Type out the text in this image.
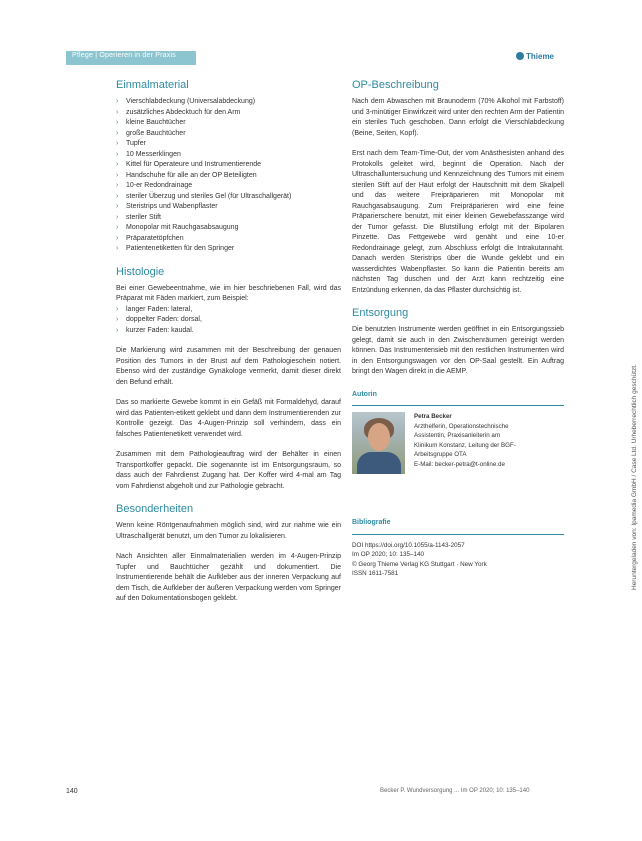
Pflege | Operieren in der Praxis	Thieme
Einmalmaterial
› Vierschlabdeckung (Universalabdeckung)
› zusätzliches Abdecktuch für den Arm
› kleine Bauchtücher
› große Bauchtücher
› Tupfer
› 10 Messerklingen
› Kittel für Operateure und Instrumentierende
› Handschuhe für alle an der OP Beteiligten
› 10-er Redondrainage
› steriler Überzug und steriles Gel (für Ultraschallgerät)
› Steristrips und Wabenpflaster
› steriler Stift
› Monopolar mit Rauchgasabsaugung
› Präparatetöpfchen
› Patientenetiketten für den Springer
Histologie

Bei einer Gewebeentnahme, wie im hier beschriebenen Fall, wird das Präparat mit Fäden markiert, zum Beispiel:

› langer Faden: lateral,
› doppelter Faden: dorsal,
› kurzer Faden: kaudal.

Die Markierung wird zusammen mit der Beschreibung der genauen Position des Tumors in der Brust auf dem Pathologieschein notiert. Ebenso wird der zuständige Gynäkologe vermerkt, damit dieser direkt den Befund erhält.

Das so markierte Gewebe kommt in ein Gefäß mit Formaldehyd, darauf wird das Patienten-etikett geklebt und dann dem Instrumentierenden zur Kontrolle gezeigt. Das 4-Augen-Prinzip soll verhindern, dass ein falsches Patientenetikett verwendet wird.

Zusammen mit dem Pathologieauftrag wird der Behälter in einen Transportkoffer gepackt. Die sogenannte ist im Entsorgungsraum, so dass auch der Fahrdienst Zugang hat. Der Koffer wird 4-mal am Tag vom Fahrdienst abgeholt und zur Pathologie gebracht.

Besonderheiten

Wenn keine Röntgenaufnahmen möglich sind, wird zur nahme wie ein Ultraschallgerät benutzt, um den Tumor zu lokalisieren.

Nach Ansichten aller Einmalmaterialien werden im 4-Augen-Prinzip Tupfer und Bauchtücher gezählt und dokumentiert. Die Instrumentierende behält die Aufkleber aus der inneren Verpackung auf dem Tisch, die Aufkleber der äußeren Verpackung werden vom Springer auf den Dokumentationsbogen geklebt.

OP-Beschreibung

Nach dem Abwaschen mit Braunoderm (70% Alkohol mit Farbstoff) und 3-minütiger Einwirkzeit wird unter den rechten Arm der Patientin ein steriles Tuch geschoben. Dann erfolgt die Vierschlabdeckung (Beine, Seiten, Kopf).

Erst nach dem Team-Time-Out, der vom Anästhesisten anhand des Protokolls geleitet wird, beginnt die Operation. Nach der Ultraschalluntersuchung und Kennzeichnung des Tumors mit einem sterilen Stift auf der Haut erfolgt der Hautschnitt mit dem Skalpell und das weitere Freipräparieren mit Monopolar mit Rauchgasabsaugung. Zum Freipräparieren wird eine feine Präparierschere benutzt, mit einer kleinen Gewebefasszange wird der Tumor gefasst. Die Blutstillung erfolgt mit der Bipolaren Pinzette. Das Fettgewebe wird genäht und eine 10-er Redondrainage gelegt, zum Abschluss erfolgt die Intrakutannaht. Danach werden Steristrips über die Wunde geklebt und ein wasserdichtes Wabenpflaster. So kann die Patientin bereits am nächsten Tag duschen und der Arzt kann rechtzeitig eine Entzündung erkennen, da das Pflaster durchsichtig ist.

Entsorgung

Die benutzten Instrumente werden geöffnet in ein Entsorgungssieb gelegt, damit sie auch in den Zwischenräumen gereinigt werden können. Das Instrumentensieb mit den restlichen Instrumenten wird in den Entsorgungswagen vor den OP-Saal gestellt. Ein Auftrag bringt den Wagen direkt in die AEMP.

Autorin
Petra Becker
Arzthelferin, Operationstechnische
Assistentin, Praxisanleiterin am
Klinikum Konstanz, Leitung der BGF-
Arbeitsgruppe OTA
E-Mail: becker-petra@t-online.de
Bibliografie
DOI https://doi.org/10.1055/a-1143-2057
Im OP 2020; 10: 135–140
© Georg Thieme Verlag KG Stuttgart · New York
ISSN 1611-7581	Heruntergeladen von: Ipamedia GmbH / Case Ltd. Urheberrechtlich geschützt.
140	Becker P. Wundversorgung ... Im OP 2020; 10: 135–140
